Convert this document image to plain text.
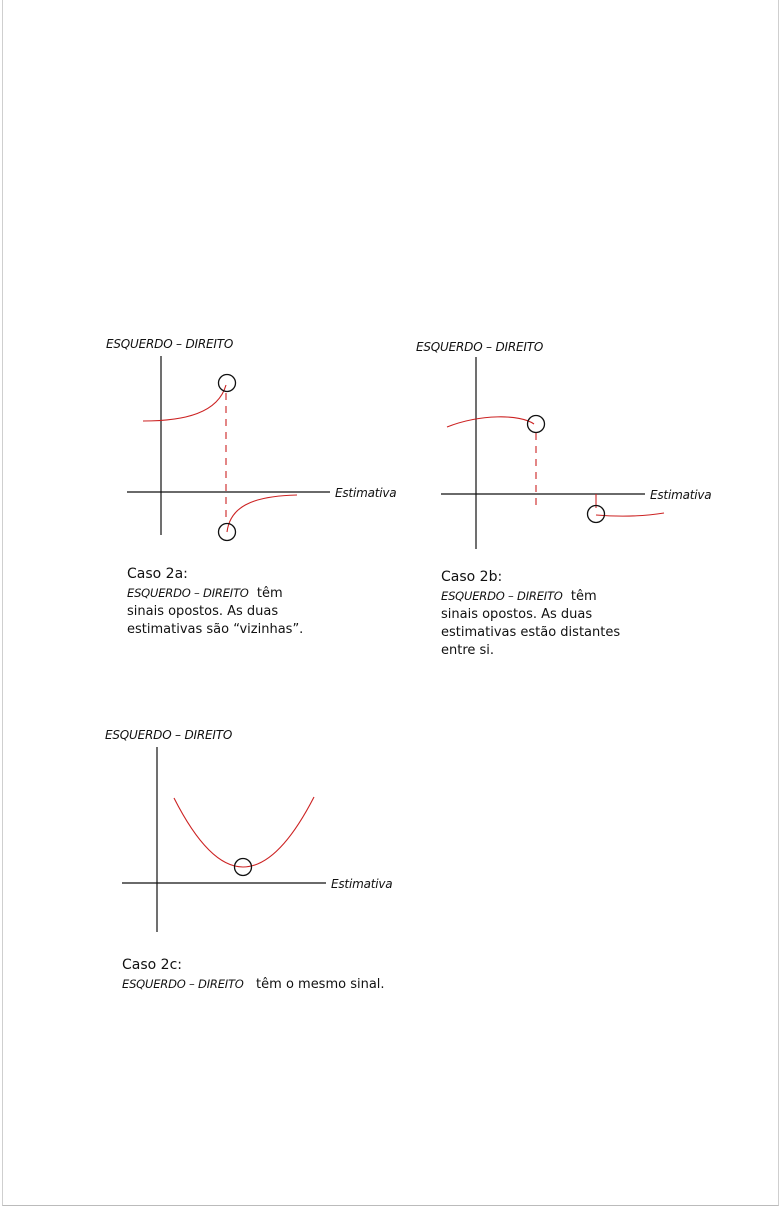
ESQUERDO – DIREITO
Estimativa
Caso 2a:
ESQUERDO – DIREITO têm
sinais opostos. As duas
estimativas são “vizinhas”.
ESQUERDO – DIREITO
Estimativa
Caso 2b:
ESQUERDO – DIREITO têm
sinais opostos. As duas
estimativas estão distantes
entre si.
ESQUERDO – DIREITO
Estimativa
Caso 2c:
ESQUERDO – DIREITO têm o mesmo sinal.
